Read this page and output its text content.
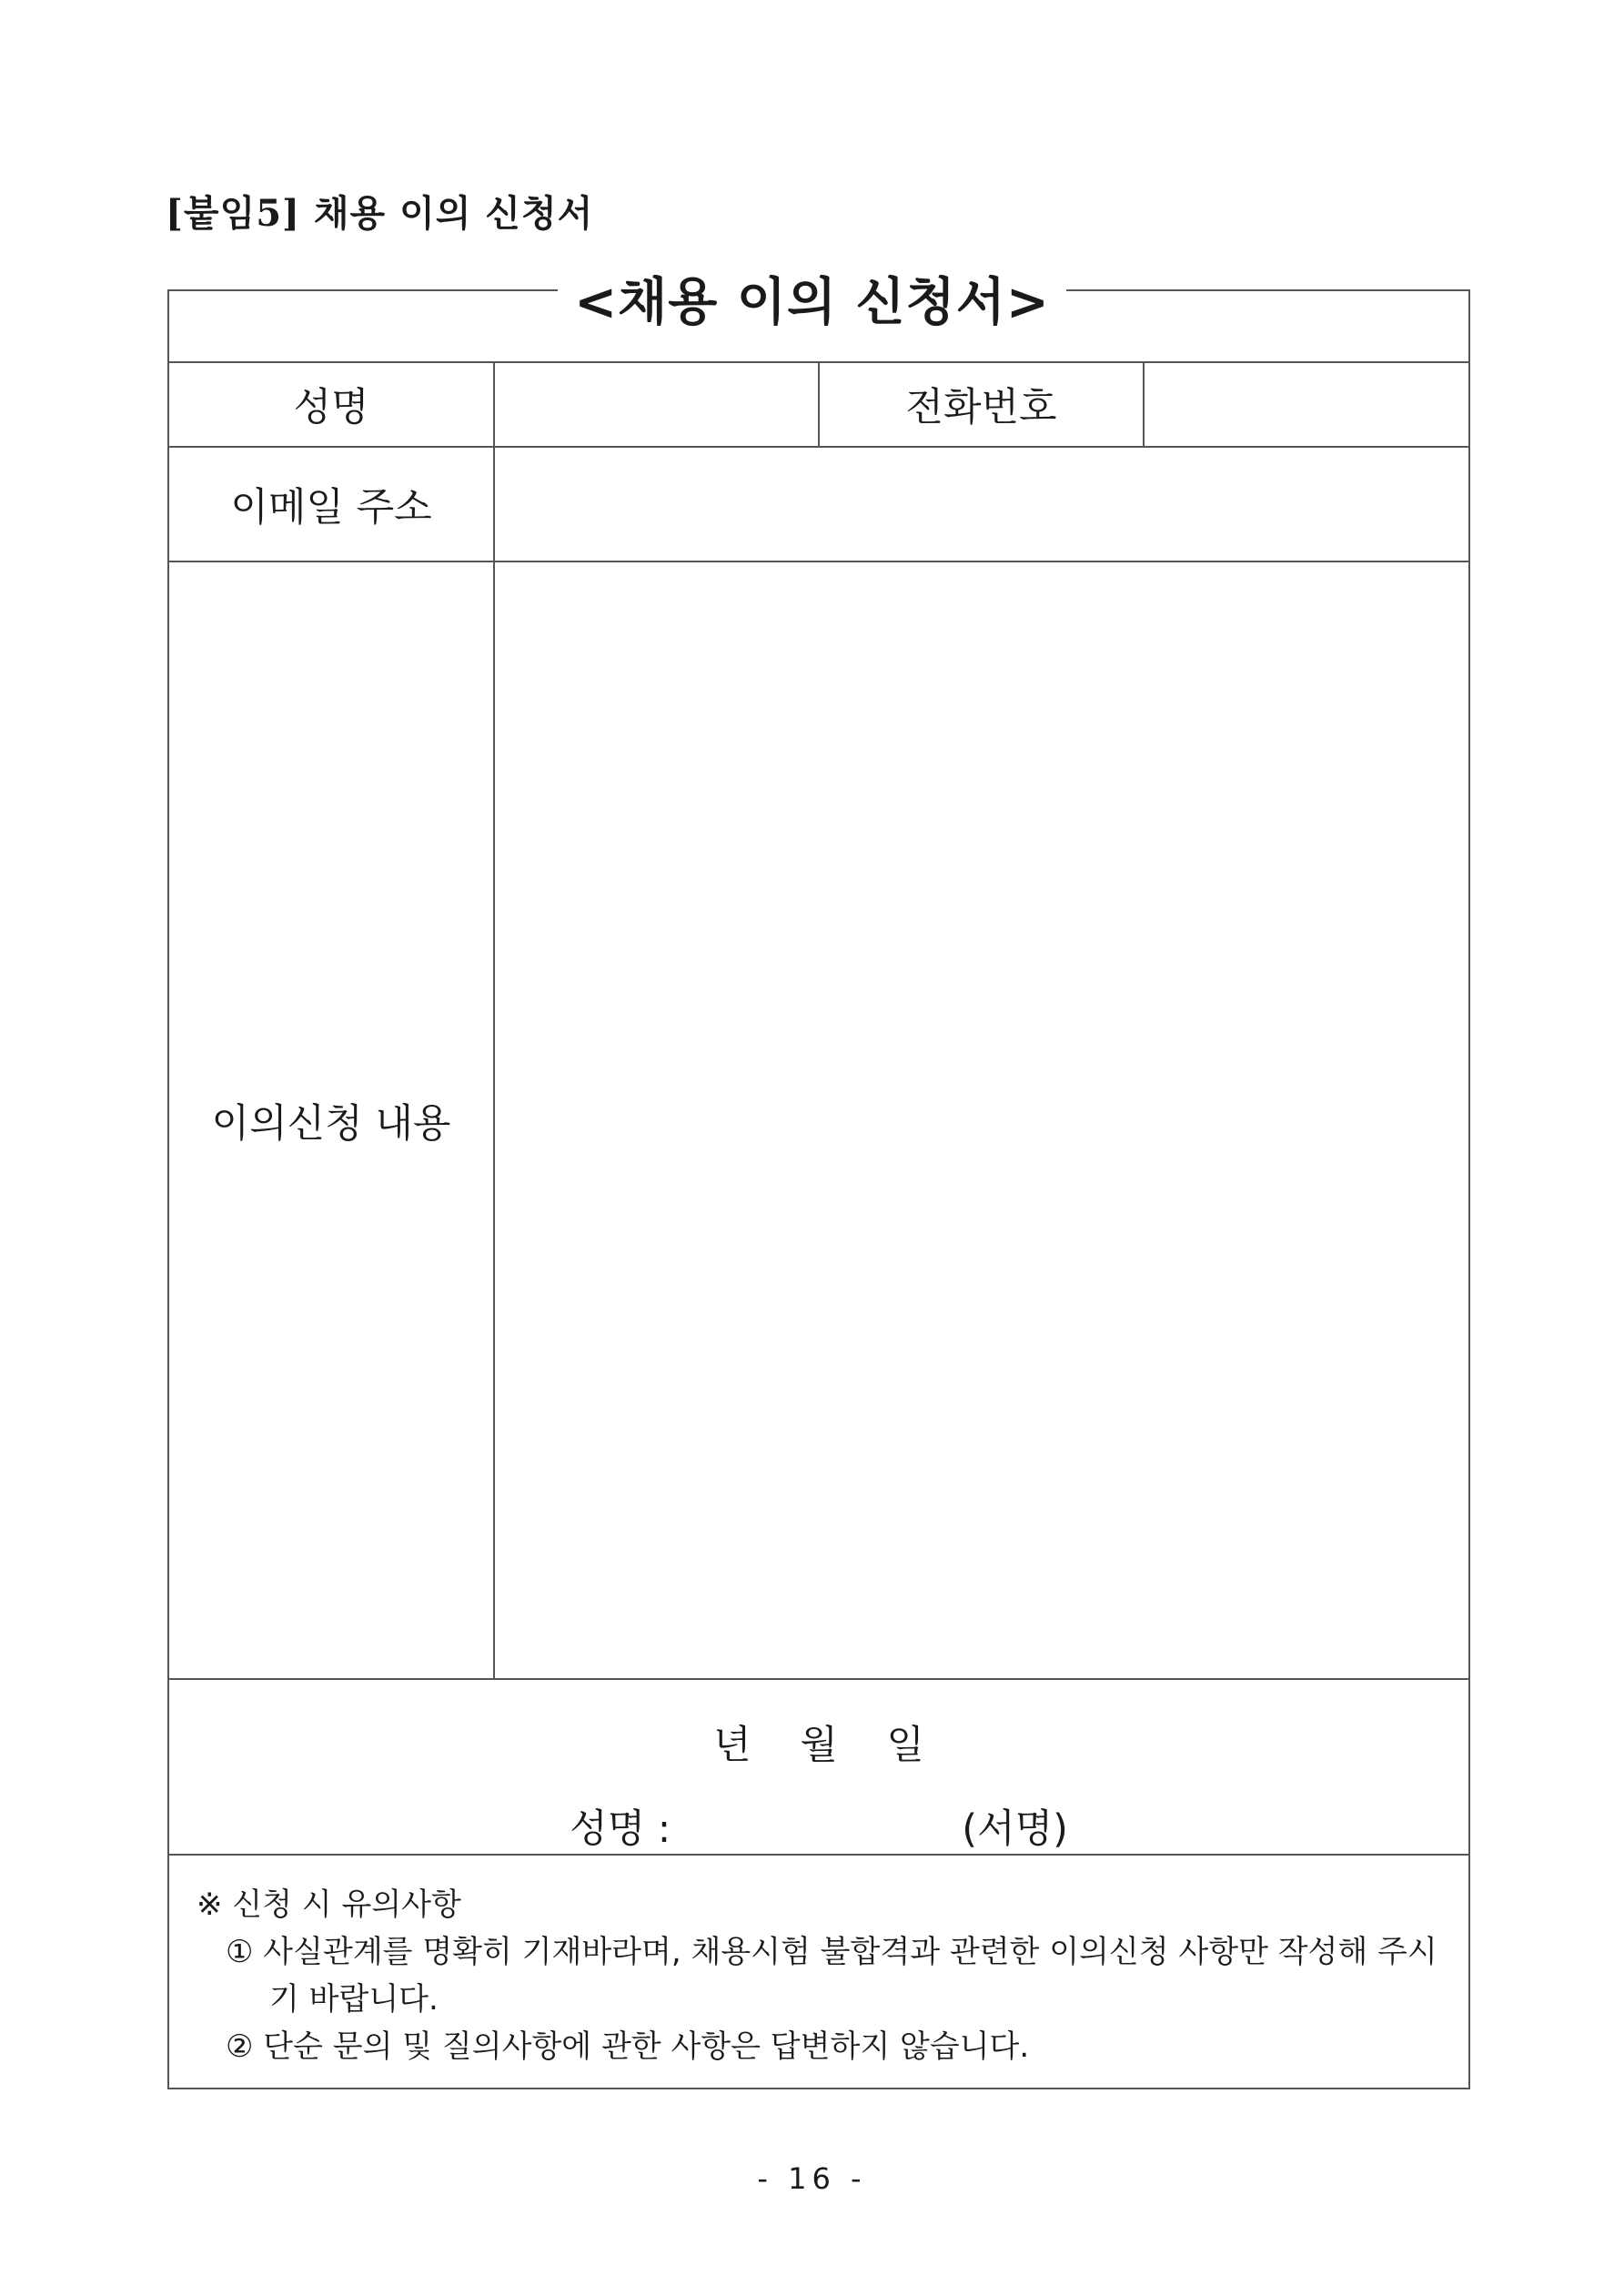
[붙임5] 채용 이의 신청서

성명		전화번호	
이메일 주소			
이의신청 내용			

년 월 일
성명 : (서명)			

※ 신청 시 유의사항
① 사실관계를 명확히 기재바라며, 채용시험 불합격과 관련한 이의신청 사항만 작성해 주시기 바랍니다.
② 단순 문의 및 질의사항에 관한 사항은 답변하지 않습니다.			
<채용 이의 신청서>
- 16 -
